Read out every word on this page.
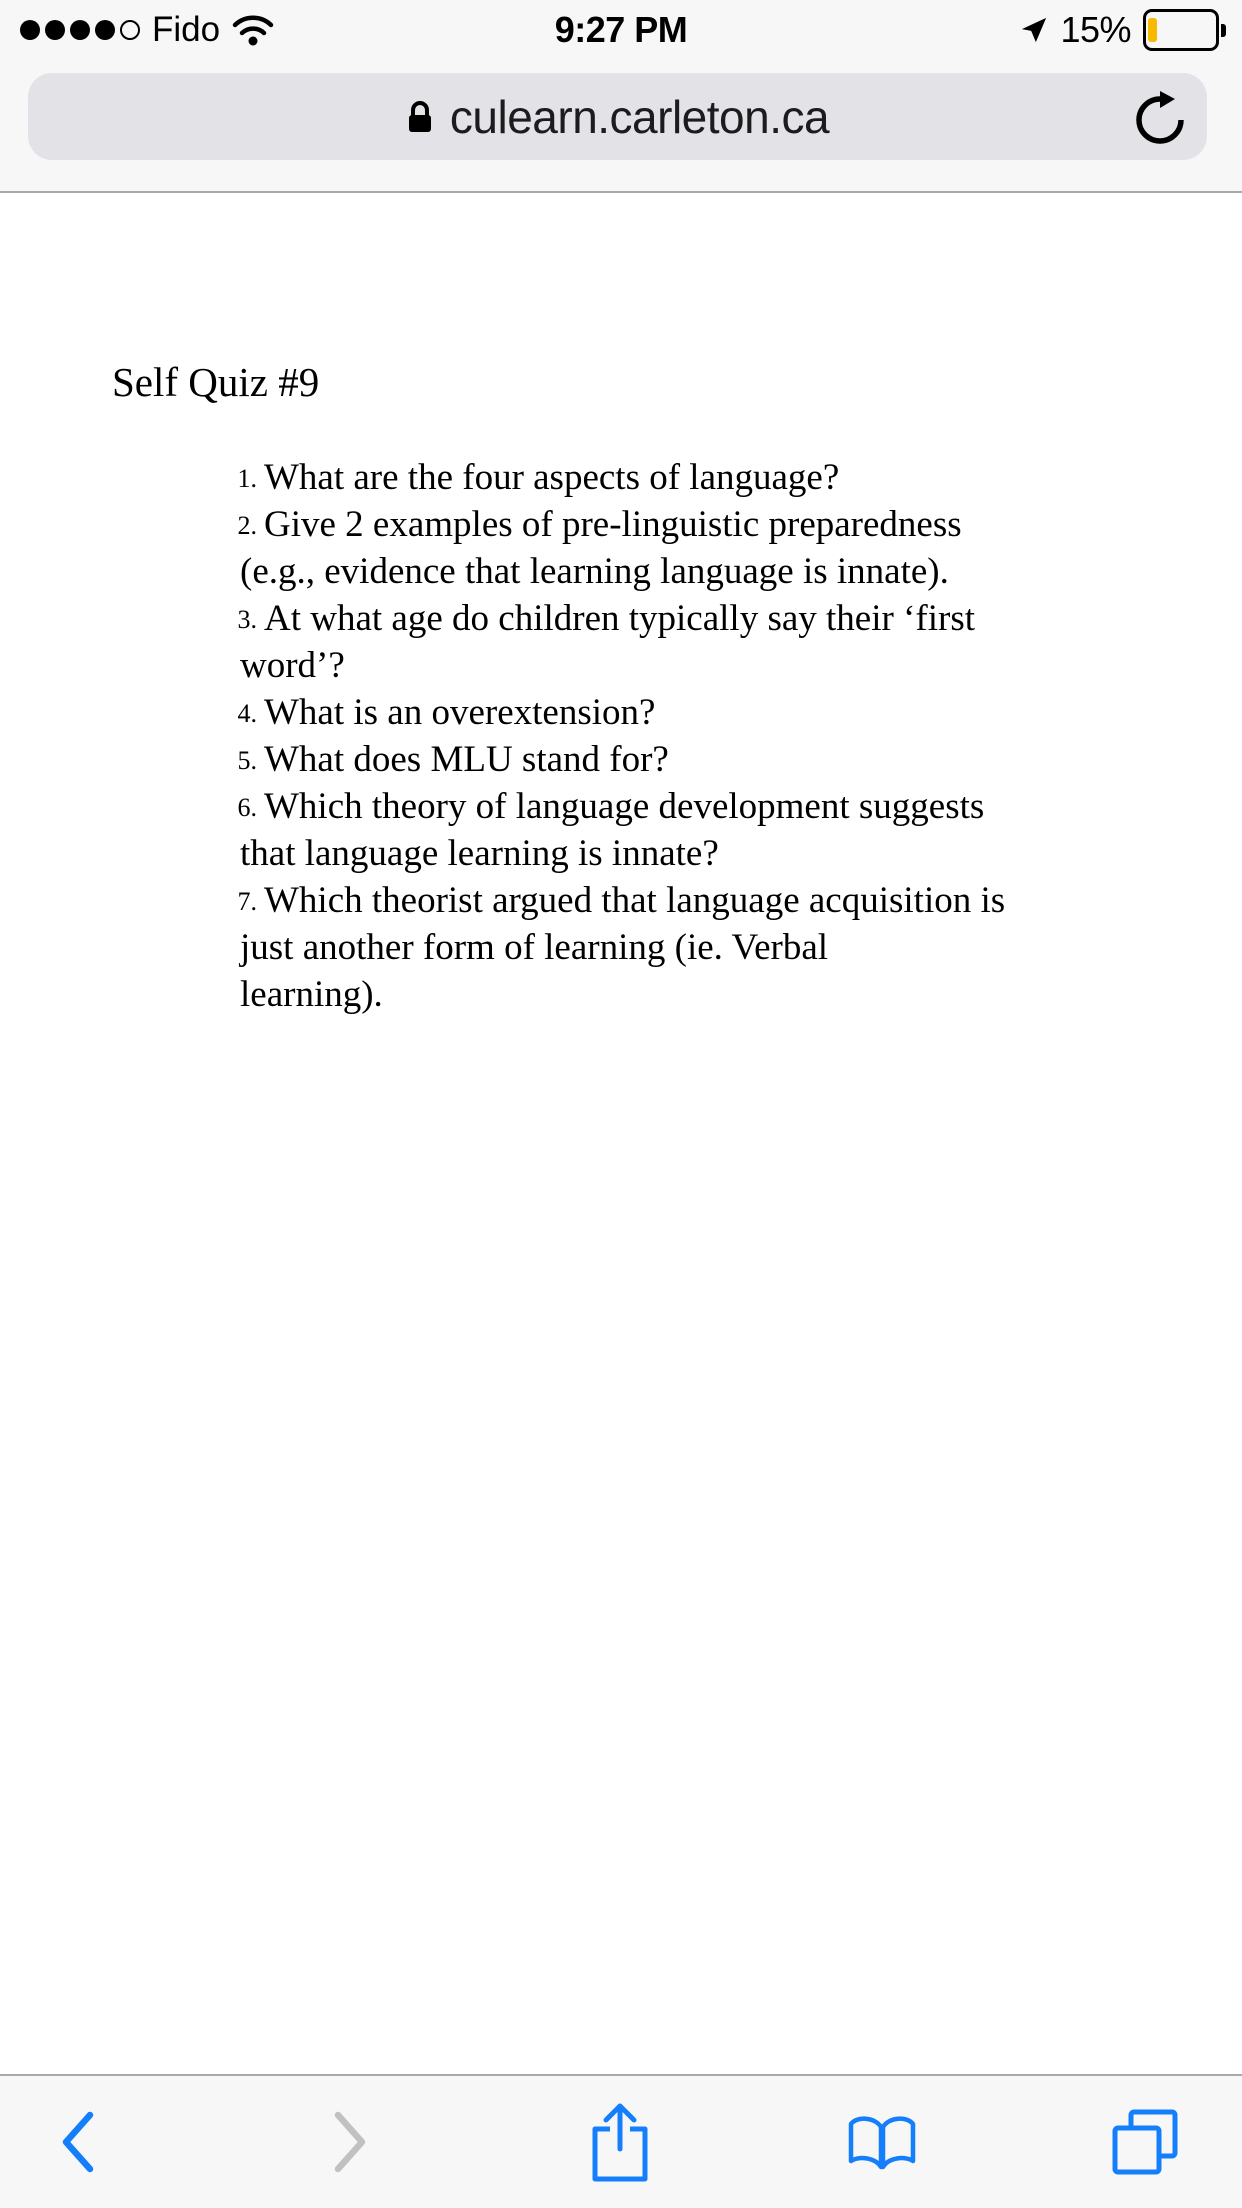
Fido	9:27 PM	15%
culearn.carleton.ca
Self Quiz #9
1. What are the four aspects of language?
2. Give 2 examples of pre-linguistic preparedness
(e.g., evidence that learning language is innate).
3. At what age do children typically say their ‘first
word’?
4. What is an overextension?
5. What does MLU stand for?
6. Which theory of language development suggests
that language learning is innate?
7. Which theorist argued that language acquisition is
just another form of learning (ie. Verbal
learning).
